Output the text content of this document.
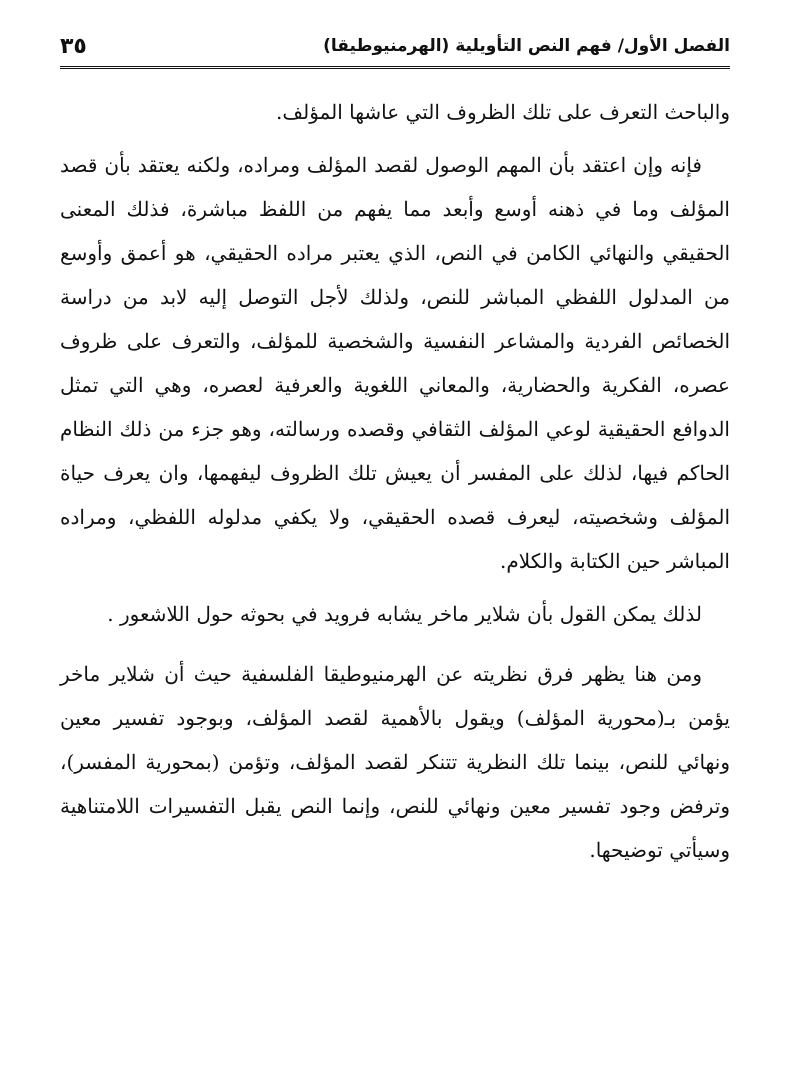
٣٥	الفصل الأول/ فهم النص التأويلية (الهرمنيوطيقا)

والباحث التعرف على تلك الظروف التي عاشها المؤلف.

فإنه وإن اعتقد بأن المهم الوصول لقصد المؤلف ومراده، ولكنه يعتقد بأن قصد المؤلف وما في ذهنه أوسع وأبعد مما يفهم من اللفظ مباشرة، فذلك المعنى الحقيقي والنهائي الكامن في النص، الذي يعتبر مراده الحقيقي، هو أعمق وأوسع من المدلول اللفظي المباشر للنص، ولذلك لأجل التوصل إليه لابد من دراسة الخصائص الفردية والمشاعر النفسية والشخصية للمؤلف، والتعرف على ظروف عصره، الفكرية والحضارية، والمعاني اللغوية والعرفية لعصره، وهي التي تمثل الدوافع الحقيقية لوعي المؤلف الثقافي وقصده ورسالته، وهو جزء من ذلك النظام الحاكم فيها، لذلك على المفسر أن يعيش تلك الظروف ليفهمها، وان يعرف حياة المؤلف وشخصيته، ليعرف قصده الحقيقي، ولا يكفي مدلوله اللفظي، ومراده المباشر حين الكتابة والكلام.

لذلك يمكن القول بأن شلاير ماخر يشابه فرويد في بحوثه حول اللاشعور .

ومن هنا يظهر فرق نظريته عن الهرمنيوطيقا الفلسفية حيث أن شلاير ماخر يؤمن بـ(محورية المؤلف) ويقول بالأهمية لقصد المؤلف، وبوجود تفسير معين ونهائي للنص، بينما تلك النظرية تتنكر لقصد المؤلف، وتؤمن (بمحورية المفسر)، وترفض وجود تفسير معين ونهائي للنص، وإنما النص يقبل التفسيرات اللامتناهية وسيأتي توضيحها.
